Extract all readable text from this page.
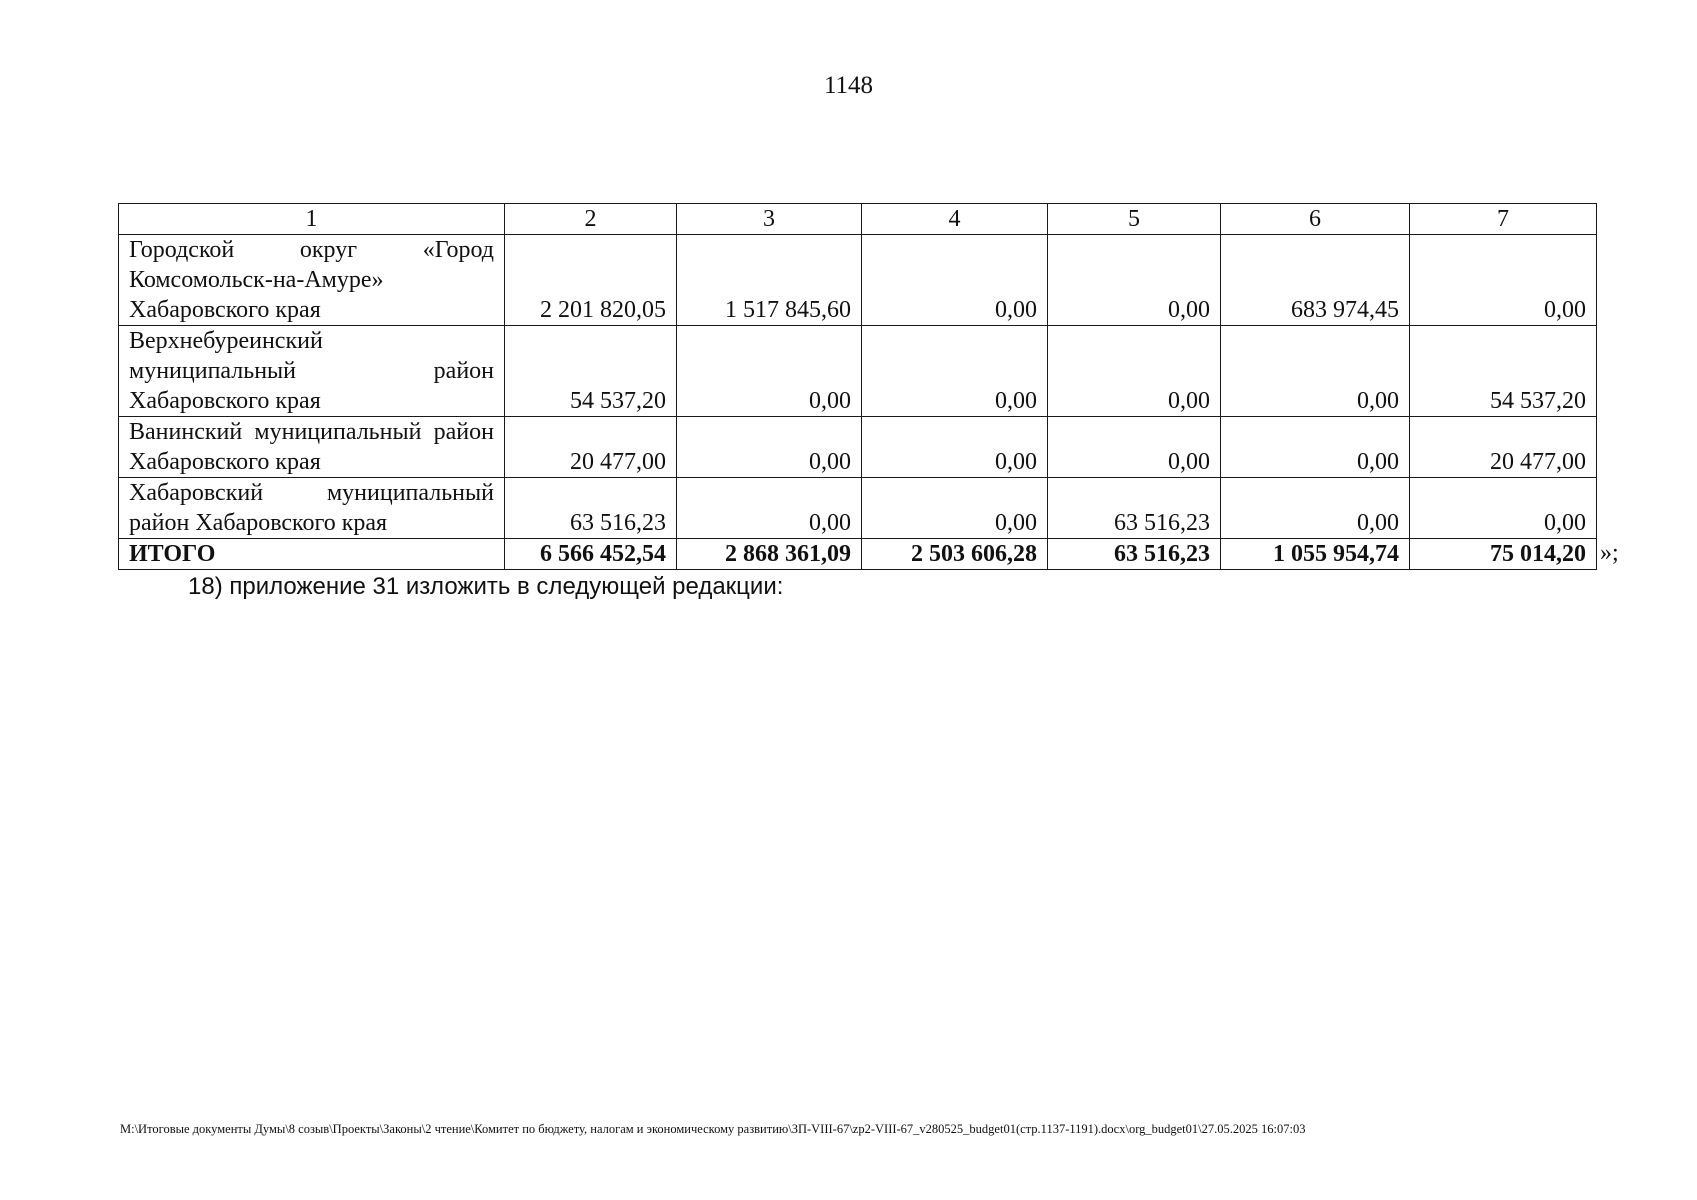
1148
1	2	3	4	5	6	7
Городской округ «Город Комсомольск-на-Амуре» Хабаровского края	2 201 820,05	1 517 845,60	0,00	0,00	683 974,45	0,00
Верхнебуреинский муниципальный район Хабаровского края	54 537,20	0,00	0,00	0,00	0,00	54 537,20
Ванинский муниципальный район Хабаровского края	20 477,00	0,00	0,00	0,00	0,00	20 477,00
Хабаровский муниципальный район Хабаровского края	63 516,23	0,00	0,00	63 516,23	0,00	0,00
ИТОГО	6 566 452,54	2 868 361,09	2 503 606,28	63 516,23	1 055 954,74	75 014,20 »;
18) приложение 31 изложить в следующей редакции:
M:\Итоговые документы Думы\8 созыв\Проекты\Законы\2 чтение\Комитет по бюджету, налогам и экономическому развитию\ЗП-VIII-67\zp2-VIII-67_v280525_budget01(стр.1137-1191).docx\org_budget01\27.05.2025 16:07:03
